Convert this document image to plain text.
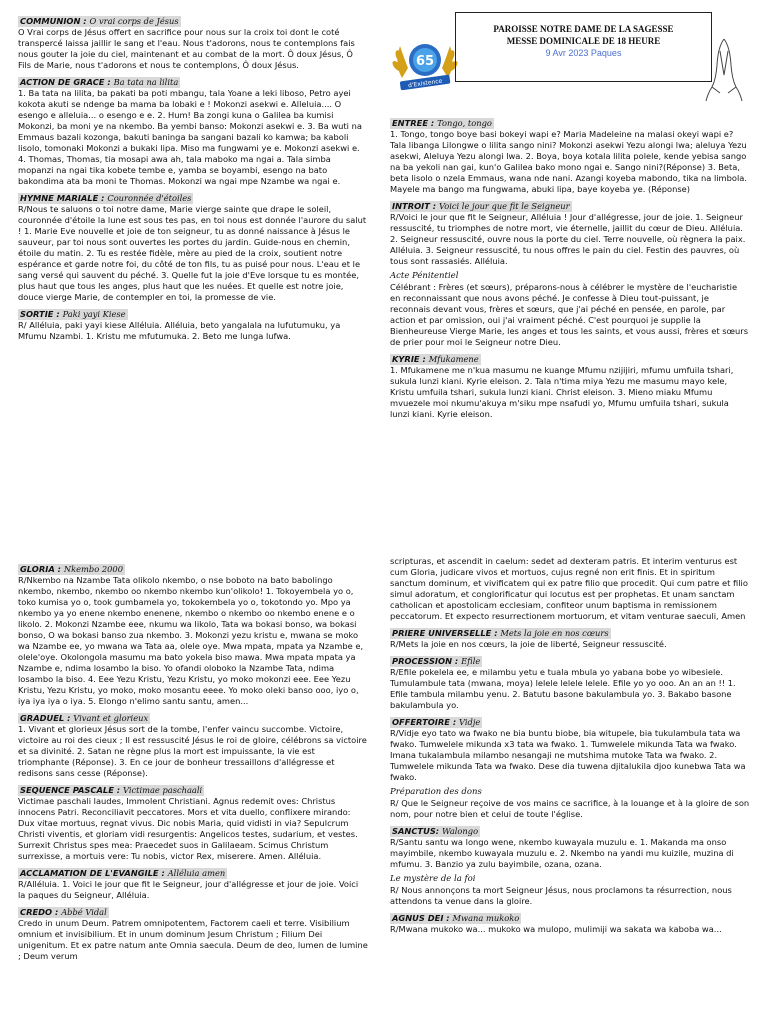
COMMUNION : O vrai corps de Jésus

O Vrai corps de Jésus offert en sacrifice pour nous sur la croix toi dont le coté transpercé laissa jaillir le sang et l'eau. Nous t'adorons, nous te contemplons fais nous gouter la joie du ciel, maintenant et au combat de la mort. Ô doux Jésus, Ô Fils de Marie, nous t'adorons et nous te contemplons, Ô doux Jésus.

ACTION DE GRACE : Ba tata na lilita

1. Ba tata na lilita, ba pakati ba poti mbangu, tala Yoane a leki liboso, Petro ayei kokota akuti se ndenge ba mama ba lobaki e ! Mokonzi asekwi e. Alleluia.... O esengo e alleluia... o esengo e e. 2. Hum! Ba zongi kuna o Galilea ba kumisi Mokonzi, ba moni ye na nkembo. Ba yembi banso: Mokonzi asekwi e. 3. Ba wuti na Emmaus bazali kozonga, bakuti baninga ba sangani bazali ko kamwa; ba kaboli lisolo, tomonaki Mokonzi a bukaki lipa. Miso ma fungwami ye e. Mokonzi asekwi e. 4. Thomas, Thomas, tia mosapi awa ah, tala maboko ma ngai a. Tala simba mopanzi na ngai tika kobete tembe e, yamba se boyambi, esengo na bato bakondima ata ba moni te Thomas. Mokonzi wa ngai mpe Nzambe wa ngai e.

HYMNE MARIALE : Couronnée d'étoiles

R/Nous te saluons o toi notre dame, Marie vierge sainte que drape le soleil, couronnée d'étoile la lune est sous tes pas, en toi nous est donnée l'aurore du salut ! 1. Marie Eve nouvelle et joie de ton seigneur, tu as donné naissance à Jésus le sauveur, par toi nous sont ouvertes les portes du jardin. Guide-nous en chemin, étoile du matin. 2. Tu es restée fidèle, mère au pied de la croix, soutient notre espérance et garde notre foi, du côté de ton fils, tu as puisé pour nous. L'eau et le sang versé qui sauvent du péché. 3. Quelle fut la joie d'Eve lorsque tu es montée, plus haut que tous les anges, plus haut que les nuées. Et quelle est notre joie, douce vierge Marie, de contempler en toi, la promesse de vie.

SORTIE : Paki yayi Kiese

R/ Alléluia, paki yayi kiese Alléluia. Alléluia, beto yangalala na lufutumuku, ya Mfumu Nzambi. 1. Kristu me mfutumuka. 2. Beto me lunga lufwa.

65
d'Existence
PAROISSE NOTRE DAME DE LA SAGESSE
MESSE DOMINICALE DE 18 HEURE
9 Avr 2023 Paques
ENTREE : Tongo, tongo

1. Tongo, tongo boye basi bokeyi wapi e? Maria Madeleine na malasi okeyi wapi e? Tala libanga Lilongwe o lilita sango nini? Mokonzi asekwi Yezu alongi lwa; aleluya Yezu asekwi, Aleluya Yezu alongi lwa. 2. Boya, boya kotala lilita polele, kende yebisa sango na ba yekoli nan gai, kun'o Galilea bako mono ngai e. Sango nini?(Réponse) 3. Beta, beta lisolo o nzela Emmaus, wana nde nani. Azangi koyeba mabondo, tika na limbola. Mayele ma bango ma fungwama, abuki lipa, baye koyeba ye. (Réponse)

INTROIT : Voici le jour que fit le Seigneur

R/Voici le jour que fit le Seigneur, Alléluia ! Jour d'allégresse, jour de joie. 1. Seigneur ressuscité, tu triomphes de notre mort, vie éternelle, jaillit du cœur de Dieu. Alléluia. 2. Seigneur ressuscité, ouvre nous la porte du ciel. Terre nouvelle, où règnera la paix. Alléluia. 3. Seigneur ressuscité, tu nous offres le pain du ciel. Festin des pauvres, où tous sont rassasiés. Alléluia.

Acte Pénitentiel

Célébrant : Frères (et sœurs), préparons-nous à célébrer le mystère de l'eucharistie en reconnaissant que nous avons péché. Je confesse à Dieu tout-puissant, je reconnais devant vous, frères et sœurs, que j'ai péché en pensée, en parole, par action et par omission, oui j'ai vraiment péché. C'est pourquoi je supplie la Bienheureuse Vierge Marie, les anges et tous les saints, et vous aussi, frères et sœurs de prier pour moi le Seigneur notre Dieu.

KYRIE : Mfukamene

1. Mfukamene me n'kua masumu ne kuange Mfumu nzijijiri, mfumu umfuila tshari, sukula lunzi kiani. Kyrie eleison. 2. Tala n'tima miya Yezu me masumu mayo kele, Kristu umfuila tshari, sukula lunzi kiani. Christ eleison. 3. Mieno miaku Mfumu mvuezele moi nkumu'akuya m'siku mpe nsafudi yo, Mfumu umfuila tshari, sukula lunzi kiani. Kyrie eleison.

GLORIA : Nkembo 2000

R/Nkembo na Nzambe Tata olikolo nkembo, o nse boboto na bato babolingo nkembo, nkembo, nkembo oo nkembo nkembo kun'olikolo! 1. Tokoyembela yo o, toko kumisa yo o, took gumbamela yo, tokokembela yo o, tokotondo yo. Mpo ya nkembo ya yo enene nkembo enenene, nkembo o nkembo oo nkembo enene e o likolo. 2. Mokonzi Nzambe eee, nkumu wa likolo, Tata wa bokasi bonso, wa bokasi bonso, O wa bokasi banso zua nkembo. 3. Mokonzi yezu kristu e, mwana se moko wa Nzambe ee, yo mwana wa Tata aa, olele oye. Mwa mpata, mpata ya Nzambe e, olele'oye. Okolongola masumu ma bato yokela biso mawa. Mwa mpata mpata ya Nzambe e, ndima losambo la biso. Yo ofandi oloboko la Nzambe Tata, ndima losambo la biso. 4. Eee Yezu Kristu, Yezu Kristu, yo moko mokonzi eee. Eee Yezu Kristu, Yezu Kristu, yo moko, moko mosantu eeee. Yo moko oleki banso ooo, iyo o, iya iya iya o iya. 5. Elongo n'elimo santu santu, amen...

GRADUEL : Vivant et glorieux

1. Vivant et glorieux Jésus sort de la tombe, l'enfer vaincu succombe. Victoire, victoire au roi des cieux ; Il est ressuscité Jésus le roi de gloire, célébrons sa victoire et sa divinité. 2. Satan ne règne plus la mort est impuissante, la vie est triomphante (Réponse). 3. En ce jour de bonheur tressaillons d'allégresse et redisons sans cesse (Réponse).

SEQUENCE PASCALE : Victimae paschaali

Victimae paschali laudes, Immolent Christiani. Agnus redemit oves: Christus innocens Patri. Reconciliavit peccatores. Mors et vita duello, conflixere mirando: Dux vitae mortuus, regnat vivus. Dic nobis Maria, quid vidisti in via? Sepulcrum Christi viventis, et gloriam vidi resurgentis: Angelicos testes, sudarium, et vestes. Surrexit Christus spes mea: Praecedet suos in Galilaeam. Scimus Christum surrexisse, a mortuis vere: Tu nobis, victor Rex, miserere. Amen. Alléluia.

ACCLAMATION DE L'EVANGILE : Alléluia amen

R/Alléluia. 1. Voici le jour que fit le Seigneur, jour d'allégresse et jour de joie. Voici la paques du Seigneur, Alléluia.

CREDO : Abbé Vidal

Credo in unum Deum. Patrem omnipotentem, Factorem caeli et terre. Visibilium omnium et invisibilium. Et in unum dominum Jesum Christum ; Filium Dei unigenitum. Et ex patre natum ante Omnia saecula. Deum de deo, lumen de lumine ; Deum verum

scripturas, et ascendit in caelum: sedet ad dexteram patris. Et interim venturus est cum Gloria, judicare vivos et mortuos, cujus regné non erit finis. Et in spiritum sanctum dominum, et vivificatem qui ex patre filio que procedit. Qui cum patre et filio simul adoratum, et conglorificatur qui locutus est per prophetas. Et unam sanctam catholican et apostolicam ecclesiam, confiteor unum baptisma in remissionem peccatorum. Et expecto resurrectionem mortuorum, et vitam venturae saeculi, Amen

PRIERE UNIVERSELLE : Mets la joie en nos cœurs

R/Mets la joie en nos cœurs, la joie de liberté, Seigneur ressuscité.

PROCESSION : Efile

R/Efile pokelela ee, e milambu yetu e tuala mbula yo yabana bobe yo wibesiele. Tumulambule tata (mwana, moya) lelele lelele lelele. Efile yo yo ooo. An an an !! 1. Efile tambula milambu yenu. 2. Batutu basone bakulambula yo. 3. Bakabo basone bakulambula yo.

OFFERTOIRE : Vidje

R/Vidje eyo tato wa fwako ne bia buntu biobe, bia witupele, bia tukulambula tata wa fwako. Tumwelele mikunda x3 tata wa fwako. 1. Tumwelele mikunda Tata wa fwako. Imana tukalambula milambo nesangaji ne mutshima mutoke Tata wa fwako. 2. Tumwelele mikunda Tata wa fwako. Dese dia tuwena djitalukila djoo kunebwa Tata wa fwako.

Préparation des dons

R/ Que le Seigneur reçoive de vos mains ce sacrifice, à la louange et à la gloire de son nom, pour notre bien et celui de toute l'église.

SANCTUS: Walongo

R/Santu santu wa longo wene, nkembo kuwayala muzulu e. 1. Makanda ma onso mayimbile, nkembo kuwayala muzulu e. 2. Nkembo na yandi mu kuizile, muzina di mfumu. 3. Banzio ya zulu bayimbile, ozana, ozana.

Le mystère de la foi

R/ Nous annonçons ta mort Seigneur Jésus, nous proclamons ta résurrection, nous attendons ta venue dans la gloire.

AGNUS DEI : Mwana mukoko

R/Mwana mukoko wa... mukoko wa mulopo, mulimiji wa sakata wa kaboba wa...
